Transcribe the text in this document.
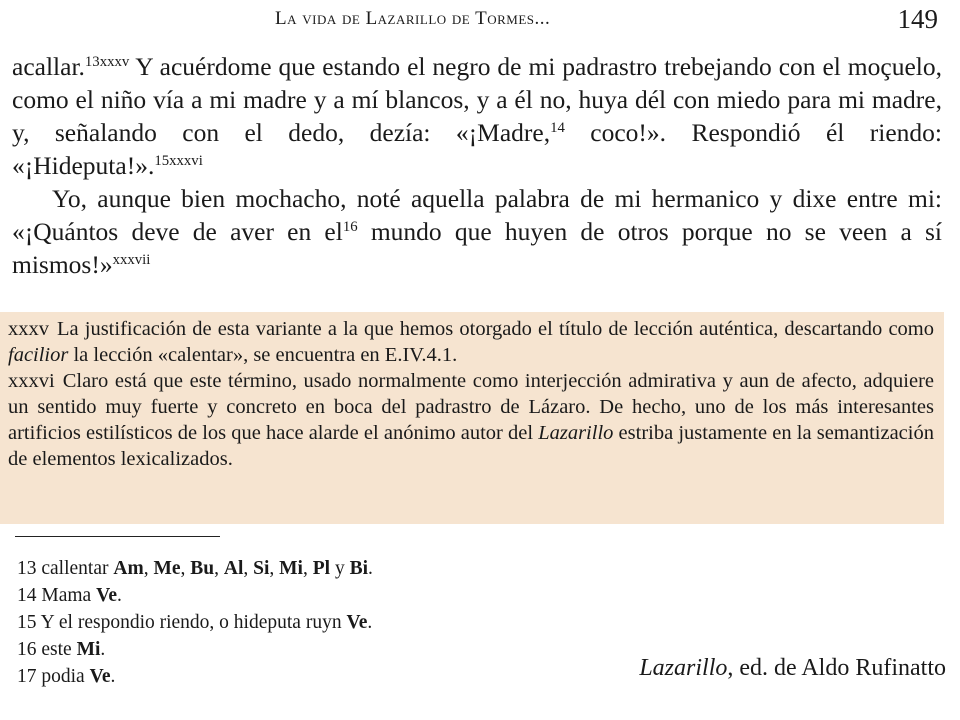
La vida de Lazarillo de Tormes...	149

acallar.$^{13xxxv}$ Y acuérdome que estando el negro de mi padrastro trebejando con el moçuelo, como el niño vía a mi madre y a mí blancos, y a él no, huya dél con miedo para mi madre, y, señalando con el dedo, dezía: «¡Madre,$^{14}$ coco!». Respondió él riendo: «¡Hideputa!».$^{15xxxvi}$

Yo, aunque bien mochacho, noté aquella palabra de mi hermanico y dixe entre mi: «¡Quántos deve de aver en $el^{16}$ mundo que huyen de otros porque no se veen a sí mismos!»$^{xxxvii}$

xxxv La justificación de esta variante a la que hemos otorgado el título de lección auténtica, descartando como facilior la lección «calentar», se encuentra en E.IV.4.1.
xxxvi Claro está que este término, usado normalmente como interjección admirativa y aun de afecto, adquiere un sentido muy fuerte y concreto en boca del padrastro de Lázaro. De hecho, uno de los más interesantes artificios estilísticos de los que hace alarde el anónimo autor del Lazarillo estriba justamente en la semantización de elementos lexicalizados.
13 callentar Am, Me, Bu, Al, Si, Mi, Pl y Bi.
14 Mama Ve.
15 Y el respondio riendo, o hideputa ruyn Ve.
16 este Mi.
17 podia Ve.	Lazarillo, ed. de Aldo Rufinatto
